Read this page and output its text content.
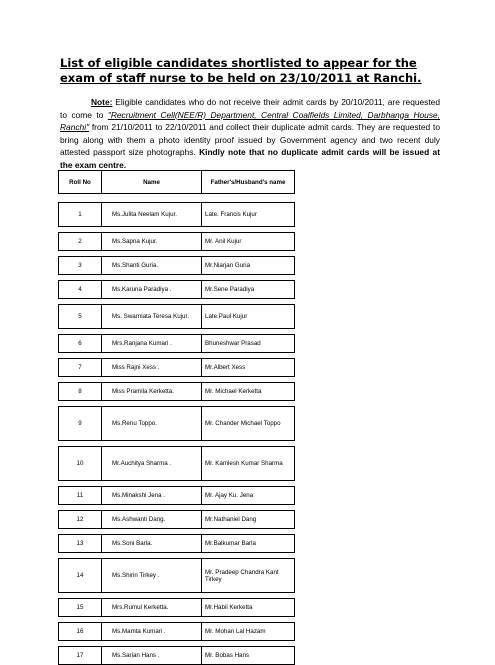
List of eligible candidates shortlisted to appear for the exam of staff nurse to be held on 23/10/2011 at Ranchi.
Note: Eligible candidates who do not receive their admit cards by 20/10/2011, are requested to come to "Recruitment Cell(NEE/R) Department, Central Coalfields Limited, Darbhanga House, Ranchi" from 21/10/2011 to 22/10/2011 and collect their duplicate admit cards. They are requested to bring along with them a photo identity proof issued by Government agency and two recent duly attested passport size photographs. Kindly note that no duplicate admit cards will be issued at the exam centre.
Roll No	Name	Father's/Husband's name

1	Ms.Julita Neelam Kujur.	Late. Francis Kujur

2	Ms.Sapna Kujur.	Mr. Anil Kujur

3	Ms.Shanti Guria.	Mr.Niarjan Guria

4	Ms.Karuna Paradiya .	Mr.Sene Paradiya

5	Ms. Swarnlata Teresa Kujur.	Late.Paul Kujur

6	Mrs.Ranjana Kumari .	Bhuneshwar Prasad

7	Miss Rajni Xess .	Mr.Albert Xess

8	Miss Pramila Kerketta.	Mr. Michael Kerketta

9	Ms.Renu Toppo.	Mr. Chander Michael Toppo

10	Mr.Auchitya Sharma .	Mr. Kamlesh Kumar Sharma

11	Ms.Minakshi Jena .	Mr. Ajay Ku. Jena

12	Ms.Ashwanti Dang.	Mr.Nathaniel Dang

13	Ms.Soni Barla.	Mr.Balkumar Barla

14	Ms.Shirin Tirkey .	Mr. Pradeep Chandra Kant Tirkey

15	Mrs.Rumul Kerketta.	Mr.Habil Kerketta

16	Ms.Mamta Kumari .	Mr. Mohan Lal Hazam

17	Ms.Sarian Hans .	Mr. Bobas Hans
